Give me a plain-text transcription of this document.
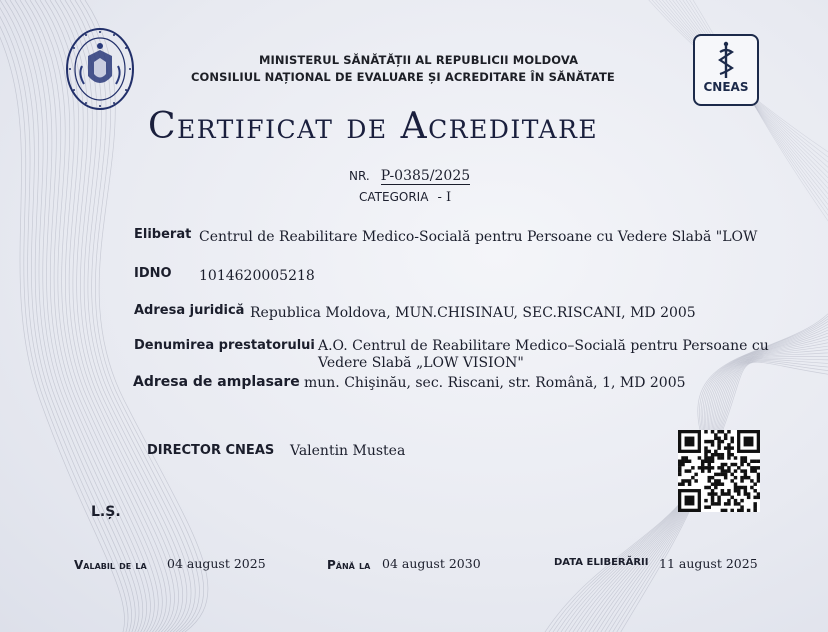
MINISTERUL SĂNĂTĂȚII AL REPUBLICII MOLDOVA
CONSILIUL NAȚIONAL DE EVALUARE ȘI ACREDITARE ÎN SĂNĂTATE
CNEAS
Certificat de Acreditare
NR. P-0385/2025
CATEGORIA - I
Eliberat Centrul de Reabilitare Medico-Socială pentru Persoane cu Vedere Slabă "LOW
IDNO 1014620005218
Adresa juridică Republica Moldova, MUN.CHISINAU, SEC.RISCANI, MD 2005
Denumirea prestatorului A.O. Centrul de Reabilitare Medico–Socială pentru Persoane cu
Vedere Slabă „LOW VISION"
Adresa de amplasare mun. Chişinău, sec. Riscani, str. Română, 1, MD 2005
DIRECTOR CNEAS Valentin Mustea
L.Ș.
Valabil de la 04 august 2025	Până la 04 august 2030	DATA ELIBERĂRII 11 august 2025
